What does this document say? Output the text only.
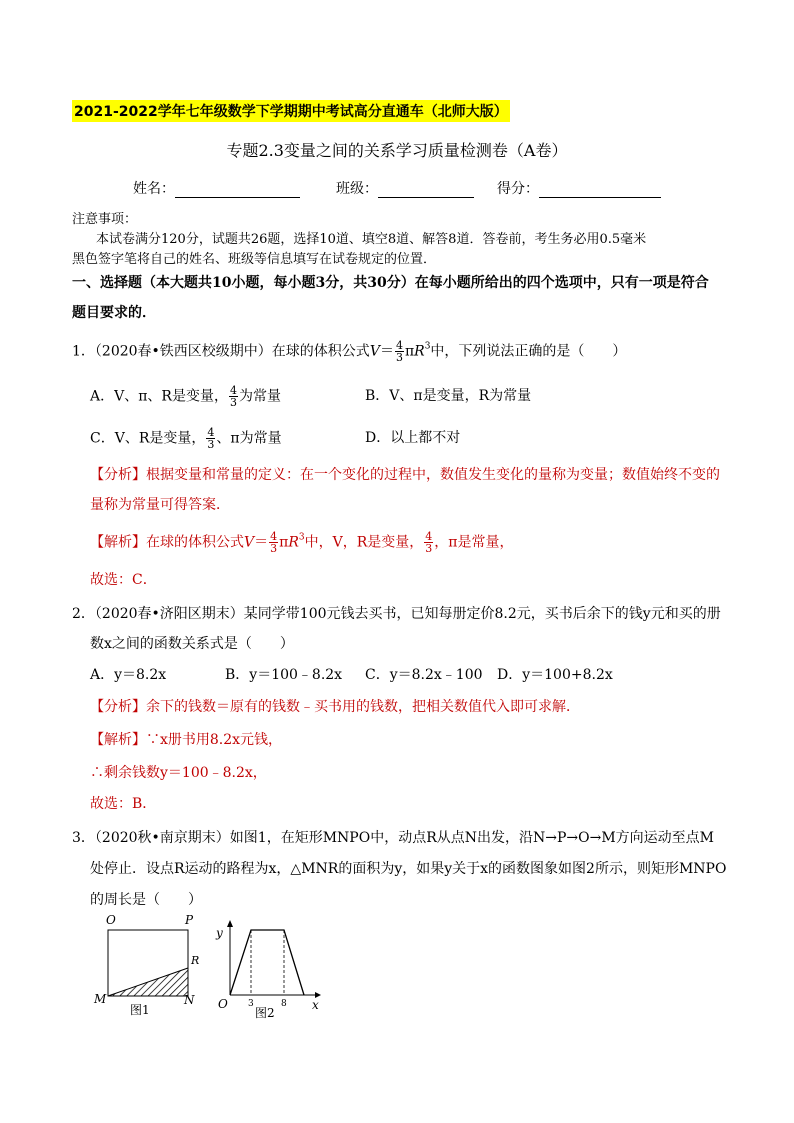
2021-2022学年七年级数学下学期期中考试高分直通车（北师大版）
专题2.3变量之间的关系学习质量检测卷（A卷）
姓名：	班级：	得分：
注意事项：
本试卷满分120分，试题共26题，选择10道、填空8道、解答8道．答卷前，考生务必用0.5毫米
黑色签字笔将自己的姓名、班级等信息填写在试卷规定的位置．
一、选择题（本大题共10小题，每小题3分，共30分）在每小题所给出的四个选项中，只有一项是符合
题目要求的．
1．（2020春•铁西区校级期中）在球的体积公式$V= \frac{4}{3} \pi R^3$中，下列说法正确的是（　　）
A．V、π、R是变量， $\frac{4}{3}$ 为常量	B．V、π是变量，R为常量
C．V、R是变量， $\frac{4}{3}$ 、π为常量	D．以上都不对
【分析】根据变量和常量的定义：在一个变化的过程中，数值发生变化的量称为变量；数值始终不变的
量称为常量可得答案．
【解析】在球的体积公式$V= \frac{4}{3} \pi R^3$中，V，R是变量， $\frac{4}{3}$ ，π是常量，
故选：C．
2．（2020春•济阳区期末）某同学带100元钱去买书，已知每册定价8.2元，买书后余下的钱y元和买的册
数x之间的函数关系式是（　　）
A．y＝8.2x	B．y＝100﹣8.2x C．y＝8.2x﹣100 D．y＝100+8.2x
【分析】余下的钱数＝原有的钱数﹣买书用的钱数，把相关数值代入即可求解．
【解析】∵x册书用8.2x元钱，
∴剩余钱数y＝100﹣8.2x，
故选：B．
3．（2020秋•南京期末）如图1，在矩形MNPO中，动点R从点N出发，沿N→P→O→M方向运动至点M
处停止．设点R运动的路程为x，△MNR的面积为y，如果y关于x的函数图象如图2所示，则矩形MNPO
的周长是（　　）
O	P
R
M	N
图1
y
x
O 3	8
图2
